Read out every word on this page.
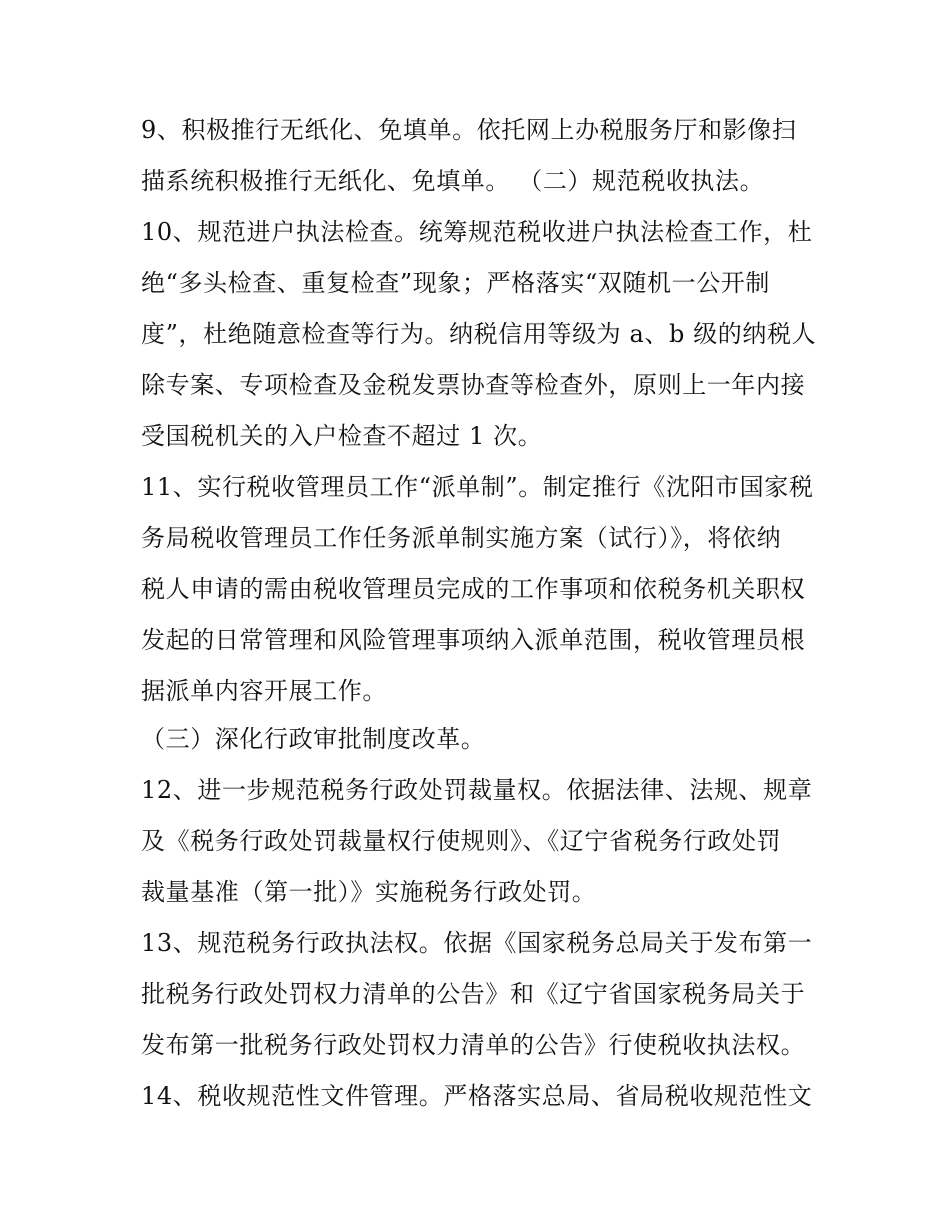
9、积极推行无纸化、免填单。依托网上办税服务厅和影像扫
描系统积极推行无纸化、免填单。 （二）规范税收执法。
10、规范进户执法检查。统筹规范税收进户执法检查工作，杜
绝“多头检查、重复检查”现象；严格落实“双随机一公开制
度”，杜绝随意检查等行为。纳税信用等级为 a、b 级的纳税人
除专案、专项检查及金税发票协查等检查外，原则上一年内接
受国税机关的入户检查不超过 1 次。
11、实行税收管理员工作“派单制”。制定推行《沈阳市国家税
务局税收管理员工作任务派单制实施方案（试行）》，将依纳
税人申请的需由税收管理员完成的工作事项和依税务机关职权
发起的日常管理和风险管理事项纳入派单范围，税收管理员根
据派单内容开展工作。
（三）深化行政审批制度改革。
12、进一步规范税务行政处罚裁量权。依据法律、法规、规章
及《税务行政处罚裁量权行使规则》、《辽宁省税务行政处罚
裁量基准（第一批）》实施税务行政处罚。
13、规范税务行政执法权。依据《国家税务总局关于发布第一
批税务行政处罚权力清单的公告》和《辽宁省国家税务局关于
发布第一批税务行政处罚权力清单的公告》行使税收执法权。
14、税收规范性文件管理。严格落实总局、省局税收规范性文
